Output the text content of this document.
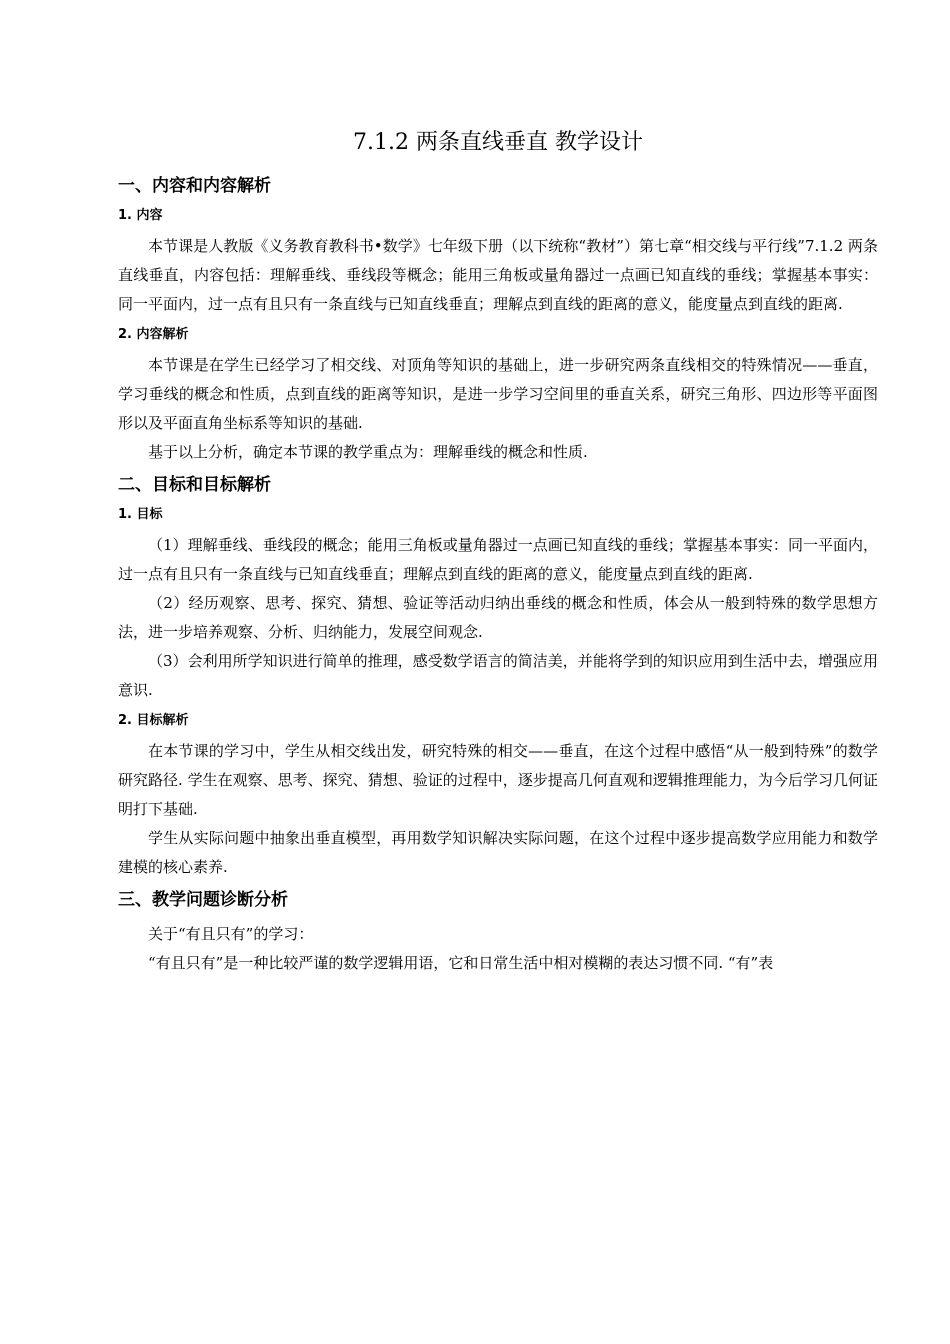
7.1.2 两条直线垂直 教学设计
一、内容和内容解析
1. 内容

本节课是人教版《义务教育教科书•数学》七年级下册（以下统称“教材”）第七章“相交线与平行线”7.1.2 两条直线垂直，内容包括：理解垂线、垂线段等概念；能用三角板或量角器过一点画已知直线的垂线；掌握基本事实：同一平面内，过一点有且只有一条直线与已知直线垂直；理解点到直线的距离的意义，能度量点到直线的距离.

2. 内容解析

本节课是在学生已经学习了相交线、对顶角等知识的基础上，进一步研究两条直线相交的特殊情况——垂直，学习垂线的概念和性质，点到直线的距离等知识，是进一步学习空间里的垂直关系，研究三角形、四边形等平面图形以及平面直角坐标系等知识的基础.

基于以上分析，确定本节课的教学重点为：理解垂线的概念和性质.

二、目标和目标解析
1. 目标

（1）理解垂线、垂线段的概念；能用三角板或量角器过一点画已知直线的垂线；掌握基本事实：同一平面内，过一点有且只有一条直线与已知直线垂直；理解点到直线的距离的意义，能度量点到直线的距离.

（2）经历观察、思考、探究、猜想、验证等活动归纳出垂线的概念和性质，体会从一般到特殊的数学思想方法，进一步培养观察、分析、归纳能力，发展空间观念.

（3）会利用所学知识进行简单的推理，感受数学语言的简洁美，并能将学到的知识应用到生活中去，增强应用意识.

2. 目标解析

在本节课的学习中，学生从相交线出发，研究特殊的相交——垂直，在这个过程中感悟“从一般到特殊”的数学研究路径. 学生在观察、思考、探究、猜想、验证的过程中，逐步提高几何直观和逻辑推理能力，为今后学习几何证明打下基础.

学生从实际问题中抽象出垂直模型，再用数学知识解决实际问题，在这个过程中逐步提高数学应用能力和数学建模的核心素养.

三、教学问题诊断分析

关于“有且只有”的学习：

“有且只有”是一种比较严谨的数学逻辑用语，它和日常生活中相对模糊的表达习惯不同. “有”表
